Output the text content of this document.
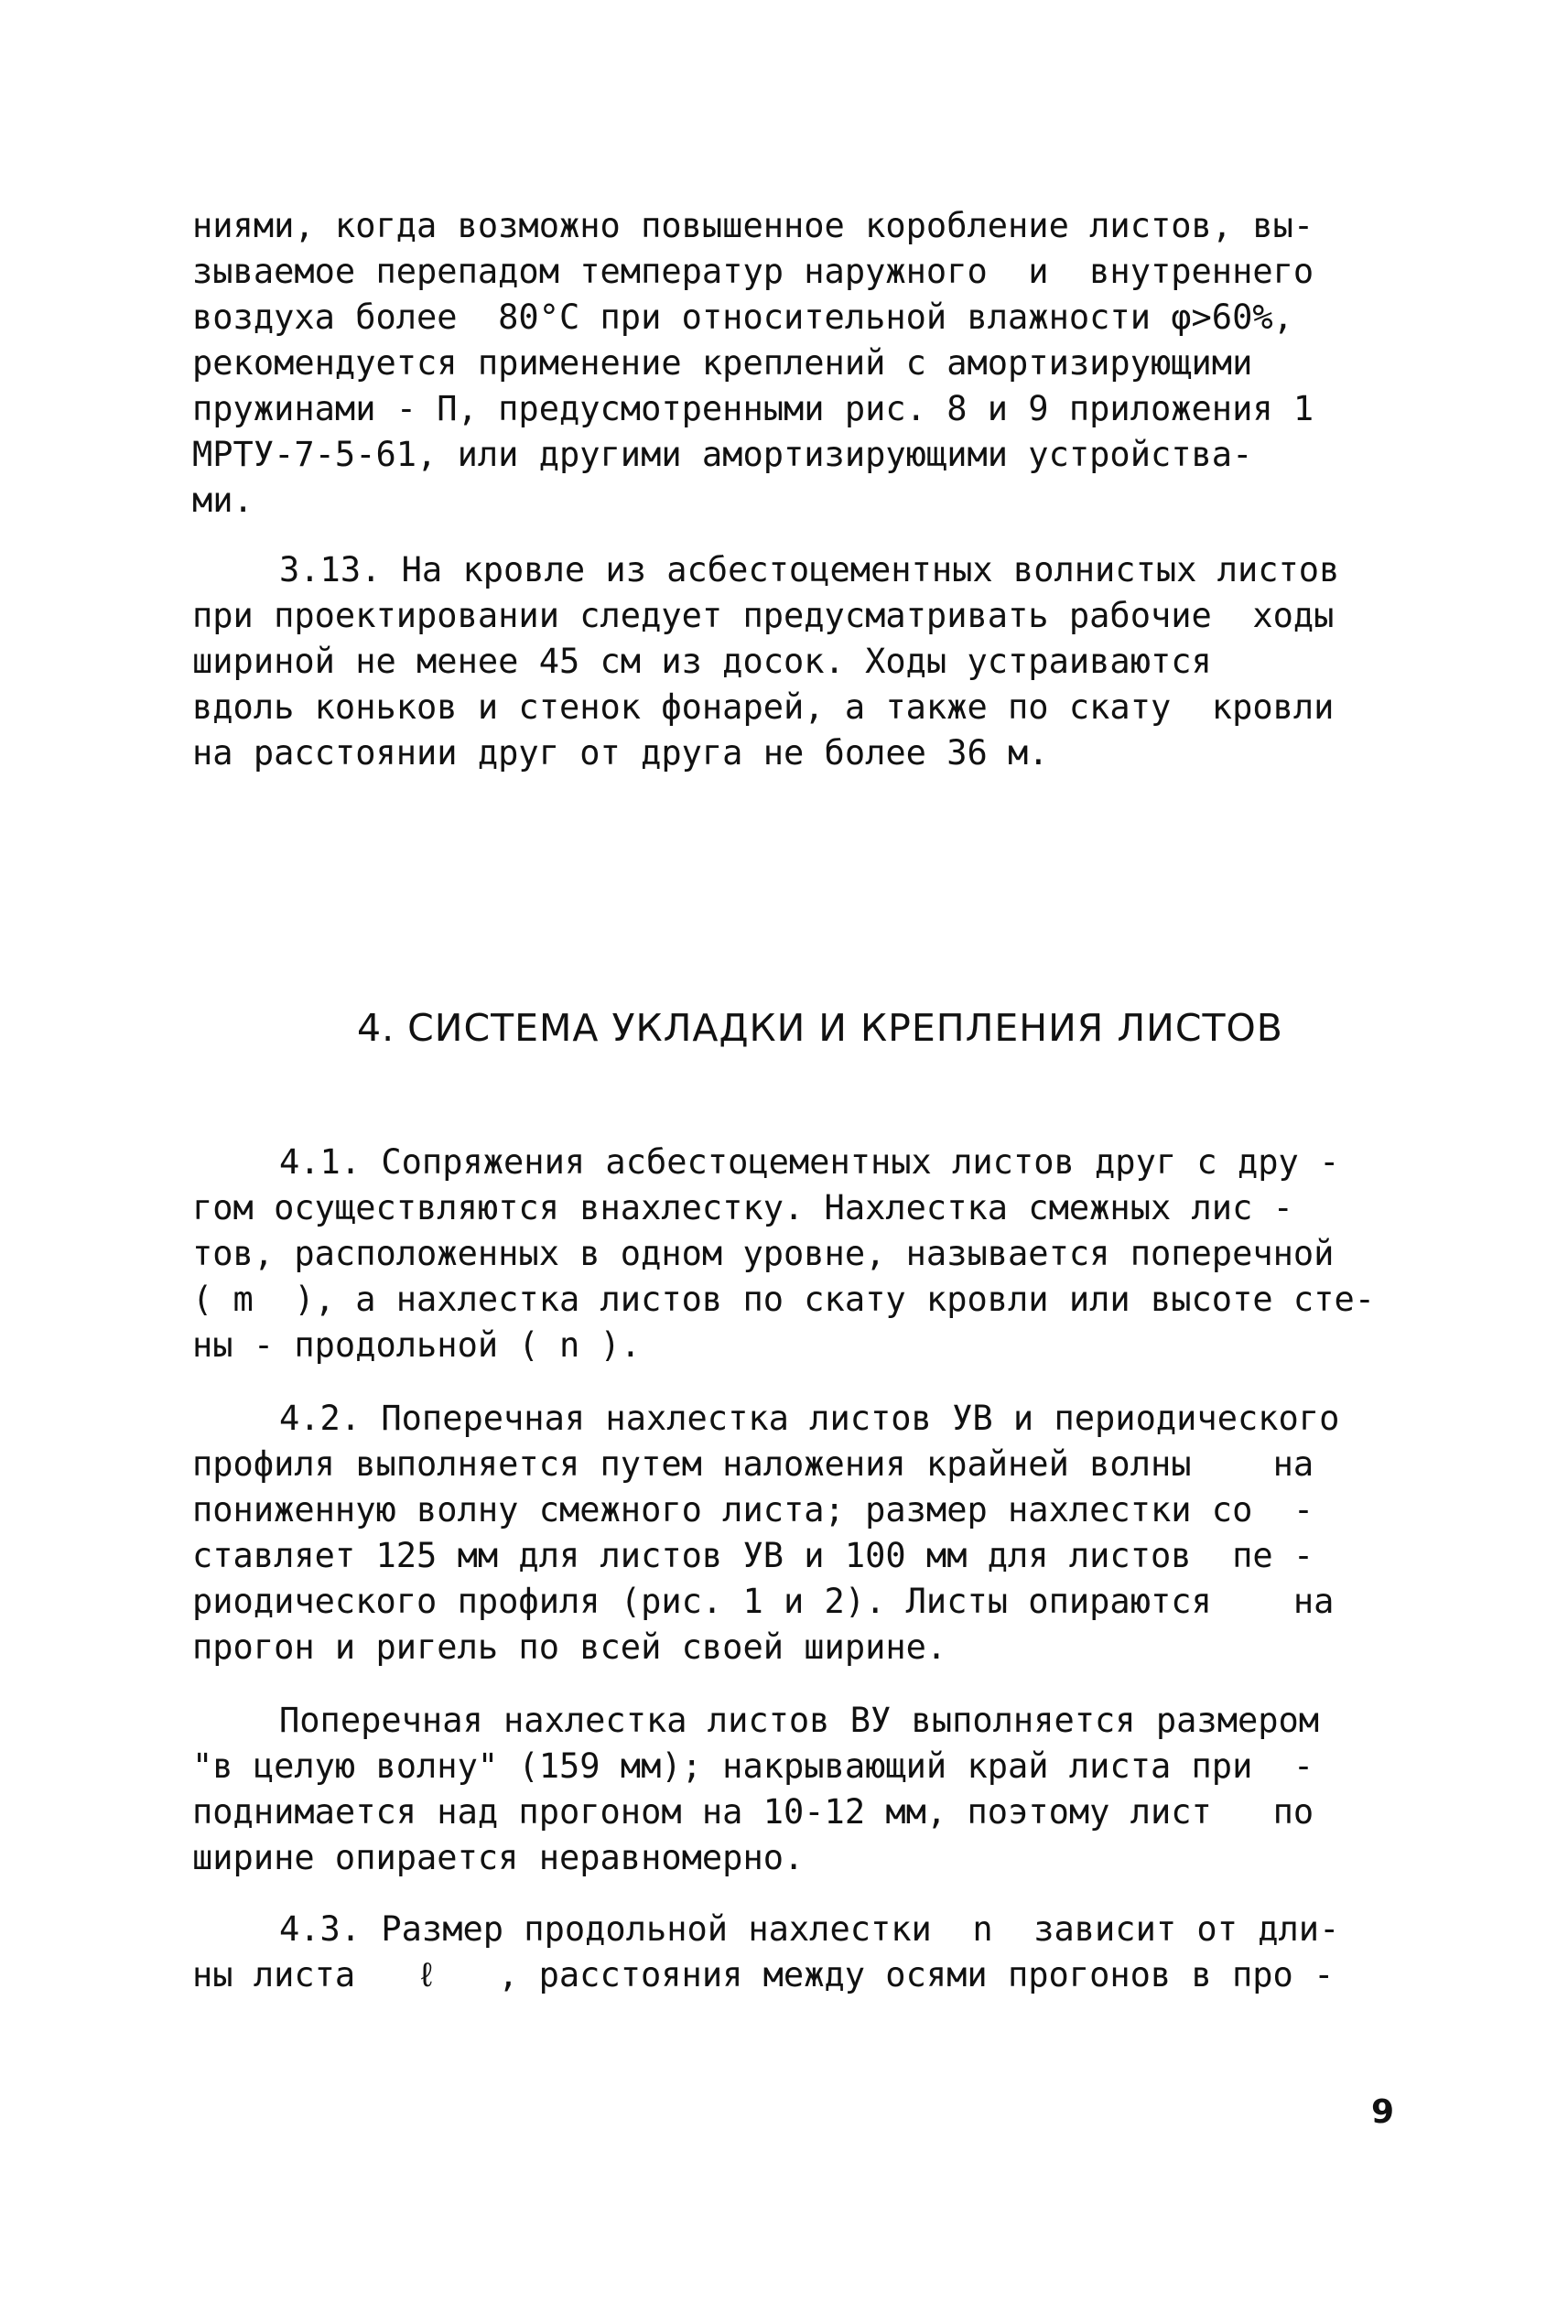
ниями, когда возможно повышенное коробление листов, вы-
зываемое перепадом температур наружного  и  внутреннего
воздуха более  80°С при относительной влажности φ>60%,
рекомендуется применение креплений с амортизирующими
пружинами - П, предусмотренными рис. 8 и 9 приложения 1
МРТУ-7-5-61, или другими амортизирующими устройства-
ми.
3.13. На кровле из асбестоцементных волнистых листов
при проектировании следует предусматривать рабочие  ходы
шириной не менее 45 см из досок. Ходы устраиваются
вдоль коньков и стенок фонарей, а также по скату  кровли
на расстоянии друг от друга не более 36 м.
4. СИСТЕМА УКЛАДКИ И КРЕПЛЕНИЯ ЛИСТОВ
4.1. Сопряжения асбестоцементных листов друг с дру -
гом осуществляются внахлестку. Нахлестка смежных лис -
тов, расположенных в одном уровне, называется поперечной
( m  ), а нахлестка листов по скату кровли или высоте сте-
ны - продольной ( n ).
4.2. Поперечная нахлестка листов УВ и периодического
профиля выполняется путем наложения крайней волны    на
пониженную волну смежного листа; размер нахлестки со  -
ставляет 125 мм для листов УВ и 100 мм для листов  пе -
риодического профиля (рис. 1 и 2). Листы опираются    на
прогон и ригель по всей своей ширине.
Поперечная нахлестка листов ВУ выполняется размером
"в целую волну" (159 мм); накрывающий край листа при  -
поднимается над прогоном на 10-12 мм, поэтому лист   по
ширине опирается неравномерно.
4.3. Размер продольной нахлестки  n  зависит от дли-
ны листа   ℓ   , расстояния между осями прогонов в про -
9
